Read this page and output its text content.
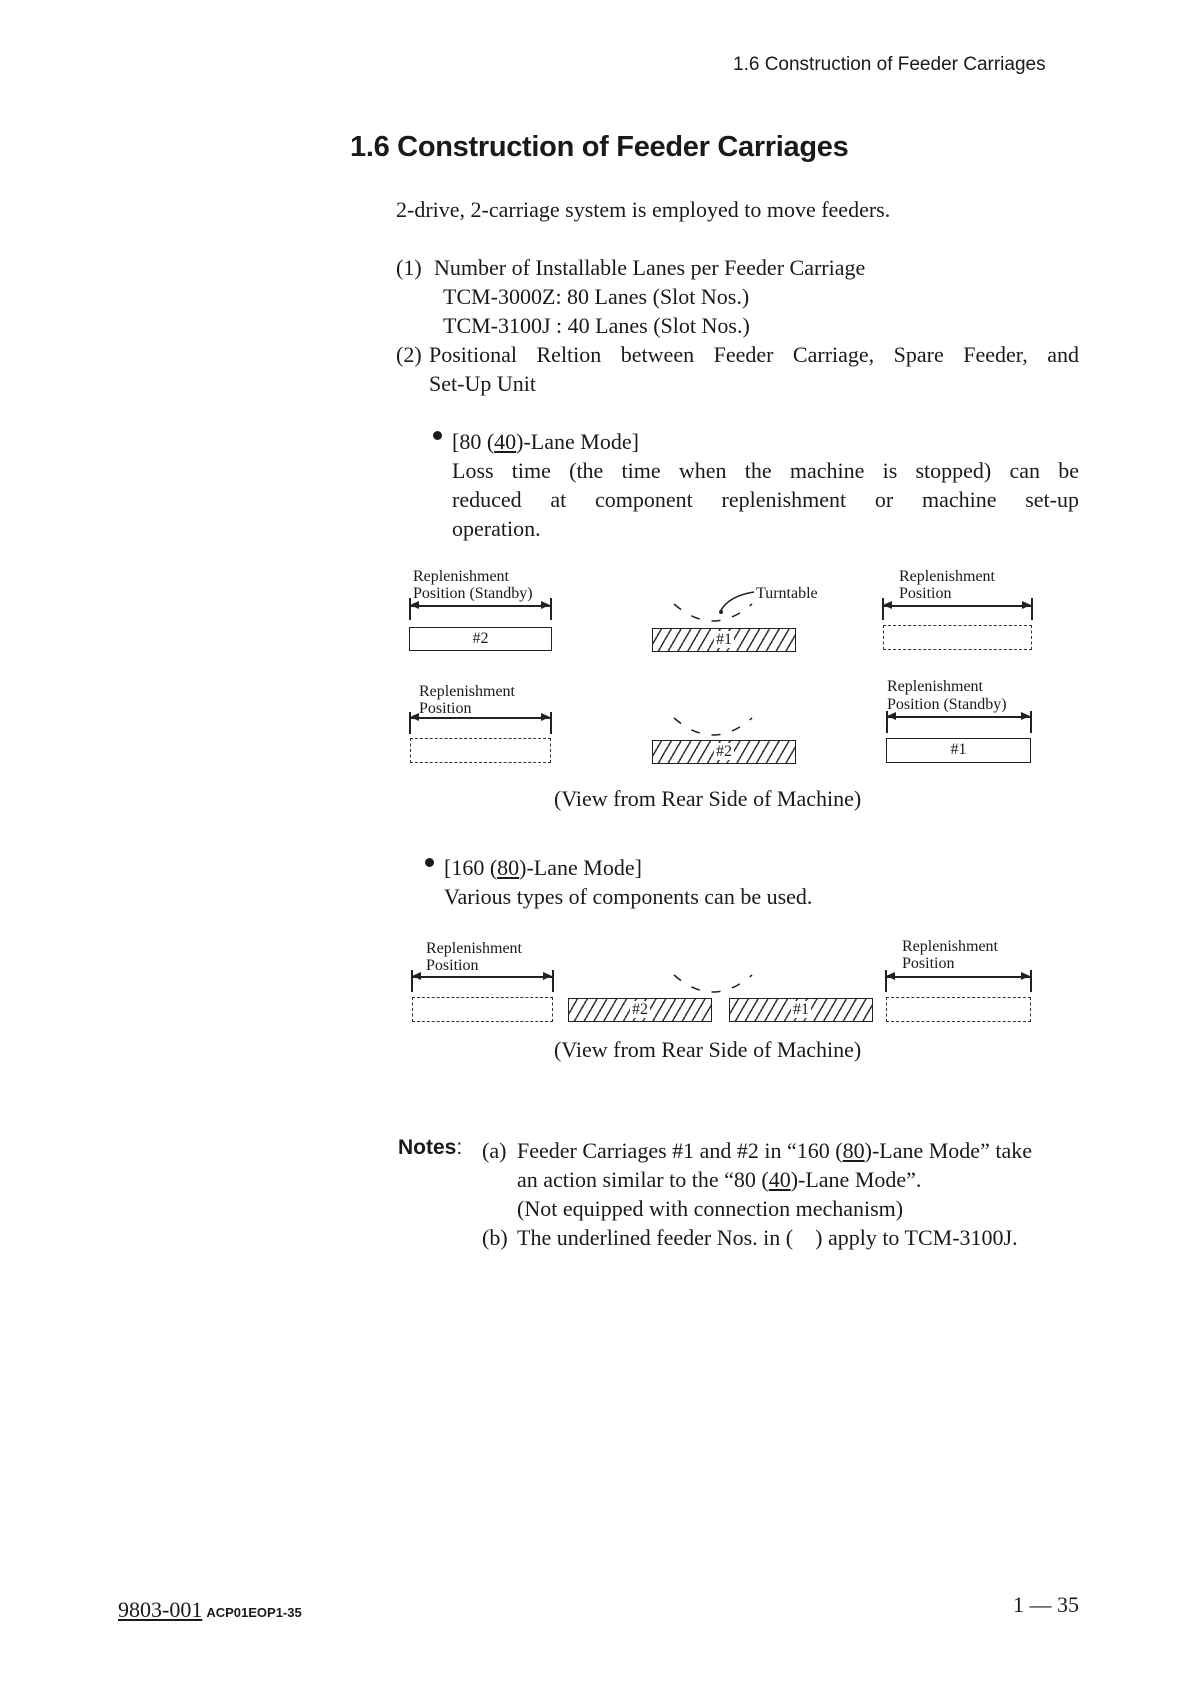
1.6 Construction of Feeder Carriages
1.6 Construction of Feeder Carriages
2-drive, 2-carriage system is employed to move feeders.
(1) Number of Installable Lanes per Feeder Carriage
TCM-3000Z: 80 Lanes (Slot Nos.)
TCM-3100J : 40 Lanes (Slot Nos.)
(2) Positional Reltion between Feeder Carriage, Spare Feeder, and
Set-Up Unit
[80 (40)-Lane Mode]
Loss time (the time when the machine is stopped) can be
reduced at component replenishment or machine set-up
operation.
Replenishment
Position (Standby)
#2
Turntable
#1
Replenishment
Position
Replenishment
Position
#2
Replenishment
Position (Standby)
#1
(View from Rear Side of Machine)
[160 (80)-Lane Mode]
Various types of components can be used.
Replenishment
Position
#2	#1
Replenishment
Position
(View from Rear Side of Machine)
Notes: (a) Feeder Carriages #1 and #2 in “160 (80)-Lane Mode” take
an action similar to the “80 (40)-Lane Mode”.
(Not equipped with connection mechanism)
(b) The underlined feeder Nos. in ( ) apply to TCM-3100J.
9803-001 ACP01EOP1-35	1 — 35
